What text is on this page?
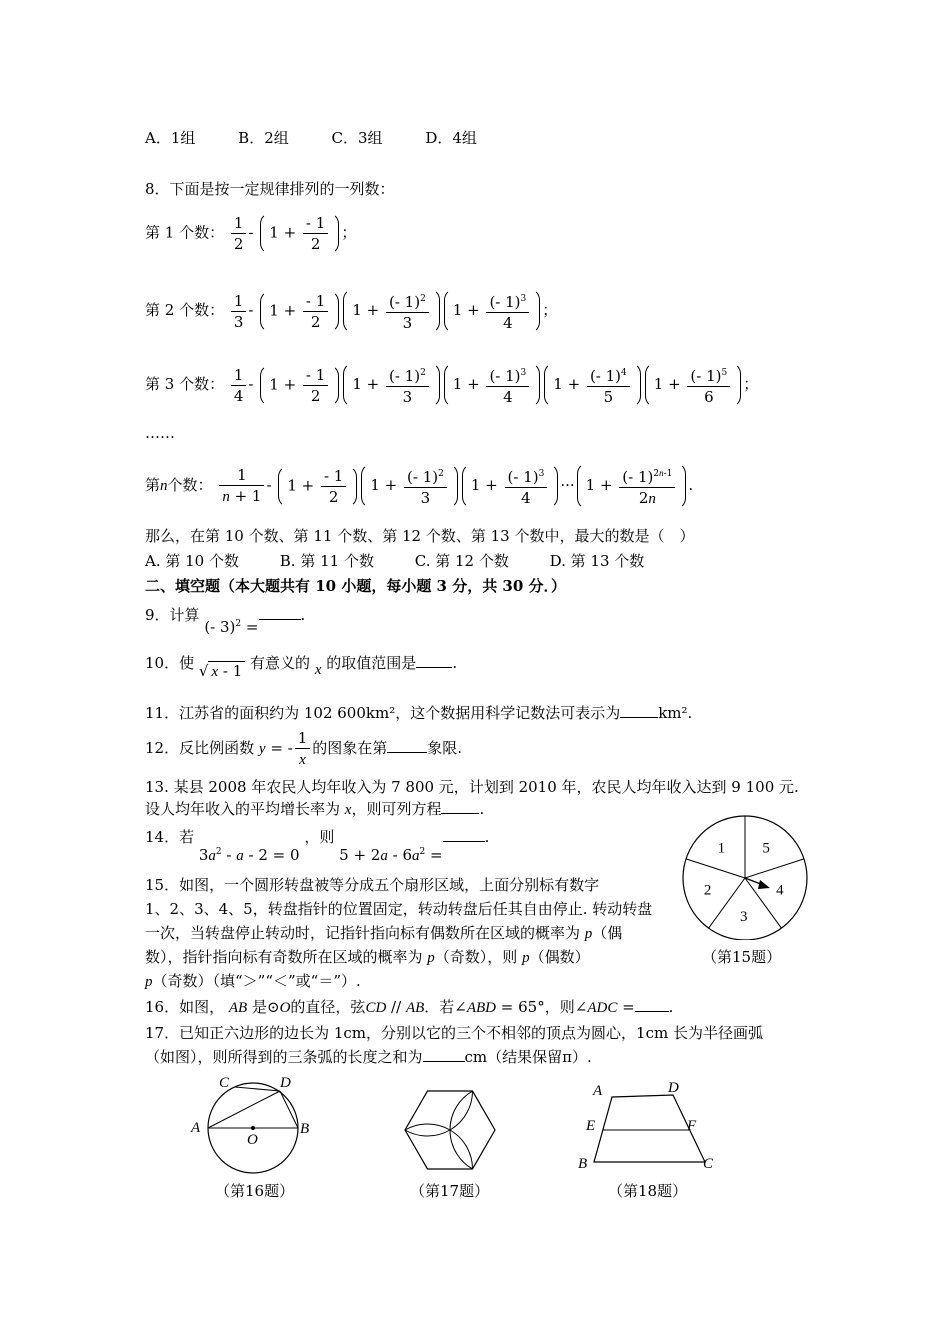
A．1组	B．2组	C．3组	D．4组
8．下面是按一定规律排列的一列数：
第 1 个数： $\frac{1}{2} - 1 + \frac{- 1}{2}$ ；
第 2 个数： $\frac{1}{3} - 1 + \frac{- 1}{2} 1 + \frac{(- 1)^2}{3} 1 + \frac{(- 1)^3}{4}$ ；
第 3 个数： $\frac{1}{4} - 1 + \frac{- 1}{2} 1 + \frac{(- 1)^2}{3} 1 + \frac{(- 1)^3}{4} 1 + \frac{(- 1)^4}{5} 1 + \frac{(- 1)^5}{6}$ ；
……
第n个数： $\frac{1}{n + 1} - 1 + \frac{- 1}{2} 1 + \frac{(- 1)^2}{3} 1 + \frac{(- 1)^3}{4}$ ··· $1 + \frac{(- 1)^{2n-1}}{2n}$ .
那么，在第 10 个数、第 11 个数、第 12 个数、第 13 个数中，最大的数是（　）
A. 第 10 个数	B. 第 11 个数	C. 第 12 个数	D. 第 13 个数
二、填空题（本大题共有 10 小题，每小题 3 分，共 30 分．）
9．计算 (- 3)$^2$ =.
10．使 √ x - 1 有意义的 x 的取值范围是 .
11．江苏省的面积约为 102 600km²，这个数据用科学记数法可表示为	km².
12．反比例函数 y = - $\frac{1}{x}$ 的图象在第	象限.
13. 某县 2008 年农民人均年收入为 7 800 元，计划到 2010 年，农民人均年收入达到 9 100 元.
设人均年收入的平均增长率为 x，则可列方程	.
14．若 $3a^2 - a - 2 = 0$ ，则 $5 + 2a - 6a^2$ =.
15．如图，一个圆形转盘被等分成五个扇形区域，上面分别标有数字
1、2、3、4、5，转盘指针的位置固定，转动转盘后任其自由停止. 转动转盘
一次，当转盘停止转动时，记指针指向标有偶数所在区域的概率为 p（偶
数），指针指向标有奇数所在区域的概率为 p（奇数），则 p（偶数）
p（奇数）（填“＞”“＜”或“＝”）.
1 5
4
3
2
（第15题）
16．如图， AB 是⊙O的直径，弦CD // AB．若∠ABD = 65°，则∠ADC = .
17．已知正六边形的边长为 1cm，分别以它的三个不相邻的顶点为圆心，1cm 长为半径画弧
（如图），则所得到的三条弧的长度之和为	cm（结果保留π）.
C	D
A
O
B
（第16题）	（第17题）
A	D
E	F
B	C
（第18题）
